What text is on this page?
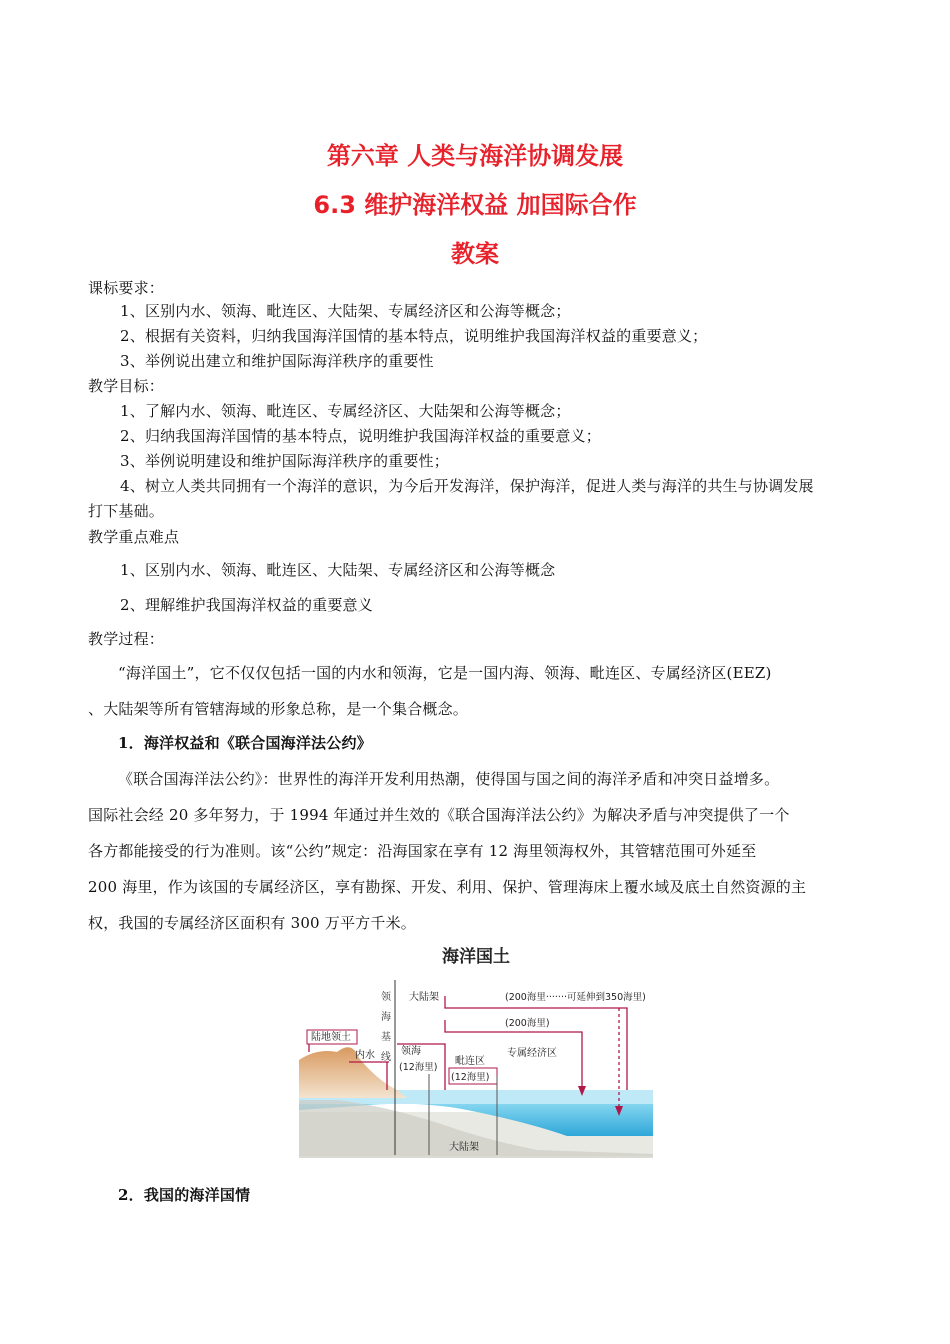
第六章 人类与海洋协调发展
6.3 维护海洋权益 加国际合作
教案
课标要求：
1、区别内水、领海、毗连区、大陆架、专属经济区和公海等概念；
2、根据有关资料，归纳我国海洋国情的基本特点，说明维护我国海洋权益的重要意义；
3、举例说出建立和维护国际海洋秩序的重要性
教学目标：
1、了解内水、领海、毗连区、专属经济区、大陆架和公海等概念；
2、归纳我国海洋国情的基本特点，说明维护我国海洋权益的重要意义；
3、举例说明建设和维护国际海洋秩序的重要性；
4、树立人类共同拥有一个海洋的意识，为今后开发海洋，保护海洋，促进人类与海洋的共生与协调发展
打下基础。
教学重点难点
1、区别内水、领海、毗连区、大陆架、专属经济区和公海等概念
2、理解维护我国海洋权益的重要意义
教学过程：
“海洋国土”，它不仅仅包括一国的内水和领海，它是一国内海、领海、毗连区、专属经济区(EEZ)
、大陆架等所有管辖海域的形象总称，是一个集合概念。
1．海洋权益和《联合国海洋法公约》
《联合国海洋法公约》：世界性的海洋开发利用热潮，使得国与国之间的海洋矛盾和冲突日益增多。
国际社会经 20 多年努力，于 1994 年通过并生效的《联合国海洋法公约》为解决矛盾与冲突提供了一个
各方都能接受的行为准则。该“公约”规定：沿海国家在享有 12 海里领海权外，其管辖范围可外延至
200 海里，作为该国的专属经济区，享有勘探、开发、利用、保护、管理海床上覆水域及底土自然资源的主
权，我国的专属经济区面积有 300 万平方千米。
海洋国土
领 海 基 线
大陆架	(200海里·······可延伸到350海里)
(200海里)
陆地领土
内水	领海
(12海里)
毗连区
(12海里)
专属经济区
大陆架
2．我国的海洋国情
